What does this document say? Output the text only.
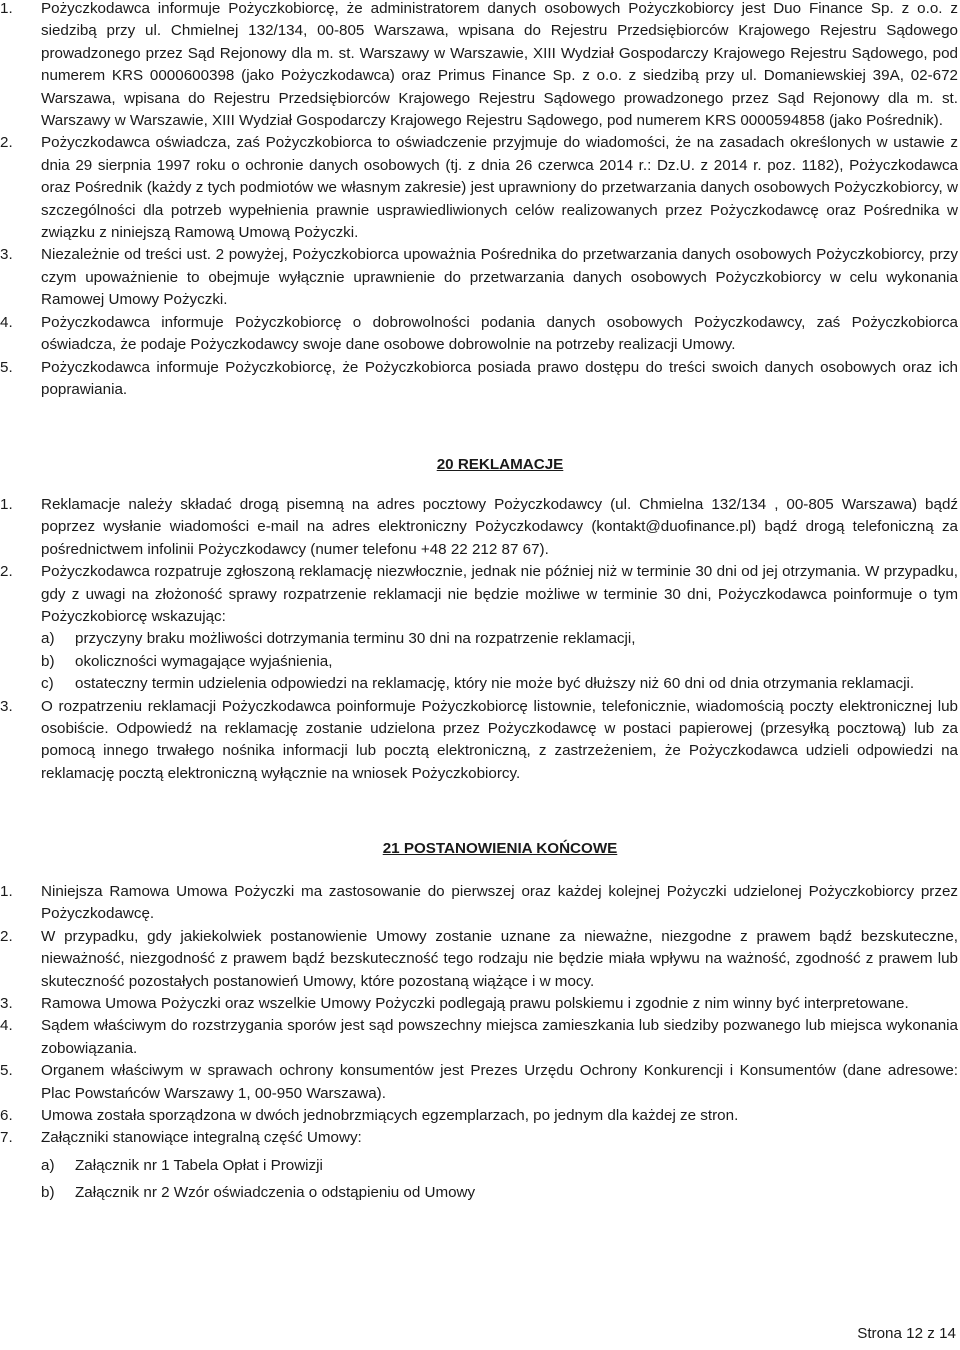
1. Pożyczkodawca informuje Pożyczkobiorcę, że administratorem danych osobowych Pożyczkobiorcy jest Duo Finance Sp. z o.o. z siedzibą przy ul. Chmielnej 132/134, 00-805 Warszawa, wpisana do Rejestru Przedsiębiorców Krajowego Rejestru Sądowego prowadzonego przez Sąd Rejonowy dla m. st. Warszawy w Warszawie, XIII Wydział Gospodarczy Krajowego Rejestru Sądowego, pod numerem KRS 0000600398 (jako Pożyczkodawca) oraz Primus Finance Sp. z o.o. z siedzibą przy ul. Domaniewskiej 39A, 02-672 Warszawa, wpisana do Rejestru Przedsiębiorców Krajowego Rejestru Sądowego prowadzonego przez Sąd Rejonowy dla m. st. Warszawy w Warszawie, XIII Wydział Gospodarczy Krajowego Rejestru Sądowego, pod numerem KRS 0000594858 (jako Pośrednik).
2. Pożyczkodawca oświadcza, zaś Pożyczkobiorca to oświadczenie przyjmuje do wiadomości, że na zasadach określonych w ustawie z dnia 29 sierpnia 1997 roku o ochronie danych osobowych (tj. z dnia 26 czerwca 2014 r.: Dz.U. z 2014 r. poz. 1182), Pożyczkodawca oraz Pośrednik (każdy z tych podmiotów we własnym zakresie) jest uprawniony do przetwarzania danych osobowych Pożyczkobiorcy, w szczególności dla potrzeb wypełnienia prawnie usprawiedliwionych celów realizowanych przez Pożyczkodawcę oraz Pośrednika w związku z niniejszą Ramową Umową Pożyczki.
3. Niezależnie od treści ust. 2 powyżej, Pożyczkobiorca upoważnia Pośrednika do przetwarzania danych osobowych Pożyczkobiorcy, przy czym upoważnienie to obejmuje wyłącznie uprawnienie do przetwarzania danych osobowych Pożyczkobiorcy w celu wykonania Ramowej Umowy Pożyczki.
4. Pożyczkodawca informuje Pożyczkobiorcę o dobrowolności podania danych osobowych Pożyczkodawcy, zaś Pożyczkobiorca oświadcza, że podaje Pożyczkodawcy swoje dane osobowe dobrowolnie na potrzeby realizacji Umowy.
5. Pożyczkodawca informuje Pożyczkobiorcę, że Pożyczkobiorca posiada prawo dostępu do treści swoich danych osobowych oraz ich poprawiania.
20 REKLAMACJE
1. Reklamacje należy składać drogą pisemną na adres pocztowy Pożyczkodawcy (ul. Chmielna 132/134 , 00-805 Warszawa) bądź poprzez wysłanie wiadomości e-mail na adres elektroniczny Pożyczkodawcy (kontakt@duofinance.pl) bądź drogą telefoniczną za pośrednictwem infolinii Pożyczkodawcy (numer telefonu +48 22 212 87 67).
2. Pożyczkodawca rozpatruje zgłoszoną reklamację niezwłocznie, jednak nie później niż w terminie 30 dni od jej otrzymania. W przypadku, gdy z uwagi na złożoność sprawy rozpatrzenie reklamacji nie będzie możliwe w terminie 30 dni, Pożyczkodawca poinformuje o tym Pożyczkobiorcę wskazując:
a) przyczyny braku możliwości dotrzymania terminu 30 dni na rozpatrzenie reklamacji,
b) okoliczności wymagające wyjaśnienia,
c) ostateczny termin udzielenia odpowiedzi na reklamację, który nie może być dłuższy niż 60 dni od dnia otrzymania reklamacji.
3. O rozpatrzeniu reklamacji Pożyczkodawca poinformuje Pożyczkobiorcę listownie, telefonicznie, wiadomością poczty elektronicznej lub osobiście. Odpowiedź na reklamację zostanie udzielona przez Pożyczkodawcę w postaci papierowej (przesyłką pocztową) lub za pomocą innego trwałego nośnika informacji lub pocztą elektroniczną, z zastrzeżeniem, że Pożyczkodawca udzieli odpowiedzi na reklamację pocztą elektroniczną wyłącznie na wniosek Pożyczkobiorcy.
21 POSTANOWIENIA KOŃCOWE
1. Niniejsza Ramowa Umowa Pożyczki ma zastosowanie do pierwszej oraz każdej kolejnej Pożyczki udzielonej Pożyczkobiorcy przez Pożyczkodawcę.
2. W przypadku, gdy jakiekolwiek postanowienie Umowy zostanie uznane za nieważne, niezgodne z prawem bądź bezskuteczne, nieważność, niezgodność z prawem bądź bezskuteczność tego rodzaju nie będzie miała wpływu na ważność, zgodność z prawem lub skuteczność pozostałych postanowień Umowy, które pozostaną wiążące i w mocy.
3. Ramowa Umowa Pożyczki oraz wszelkie Umowy Pożyczki podlegają prawu polskiemu i zgodnie z nim winny być interpretowane.
4. Sądem właściwym do rozstrzygania sporów jest sąd powszechny miejsca zamieszkania lub siedziby pozwanego lub miejsca wykonania zobowiązania.
5. Organem właściwym w sprawach ochrony konsumentów jest Prezes Urzędu Ochrony Konkurencji i Konsumentów (dane adresowe: Plac Powstańców Warszawy 1, 00-950 Warszawa).
6. Umowa została sporządzona w dwóch jednobrzmiących egzemplarzach, po jednym dla każdej ze stron.
7. Załączniki stanowiące integralną część Umowy:
a) Załącznik nr 1 Tabela Opłat i Prowizji
b) Załącznik nr 2 Wzór oświadczenia o odstąpieniu od Umowy
Strona 12 z 14
